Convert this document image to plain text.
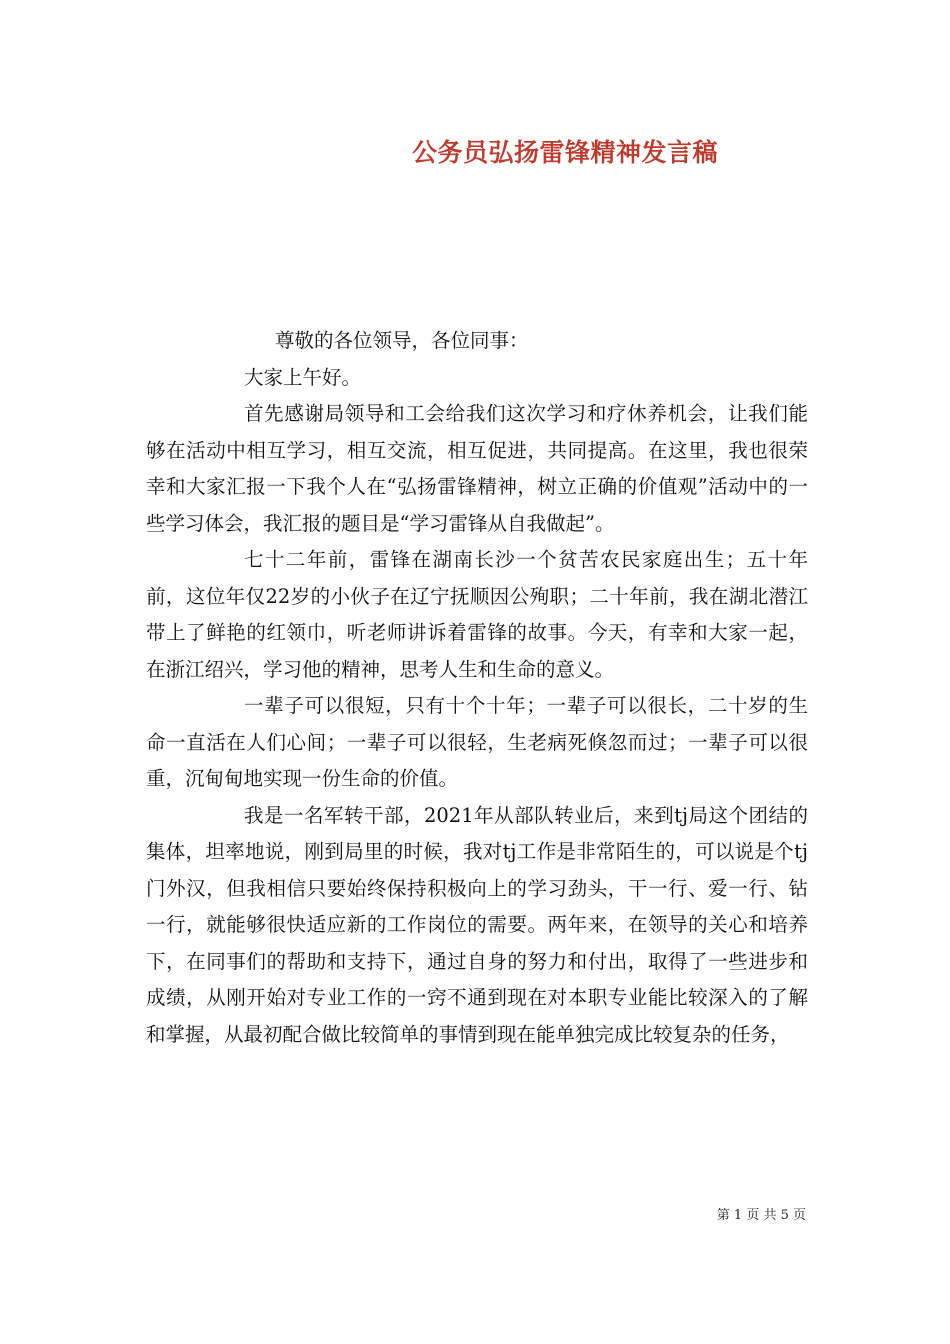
公务员弘扬雷锋精神发言稿

尊敬的各位领导，各位同事：

大家上午好。

首先感谢局领导和工会给我们这次学习和疗休养机会，让我们能够在活动中相互学习，相互交流，相互促进，共同提高。在这里，我也很荣幸和大家汇报一下我个人在“弘扬雷锋精神，树立正确的价值观”活动中的一些学习体会，我汇报的题目是“学习雷锋从自我做起”。

七十二年前，雷锋在湖南长沙一个贫苦农民家庭出生；五十年前，这位年仅22岁的小伙子在辽宁抚顺因公殉职；二十年前，我在湖北潜江带上了鲜艳的红领巾，听老师讲诉着雷锋的故事。今天，有幸和大家一起，在浙江绍兴，学习他的精神，思考人生和生命的意义。

一辈子可以很短，只有十个十年；一辈子可以很长，二十岁的生命一直活在人们心间；一辈子可以很轻，生老病死倏忽而过；一辈子可以很重，沉甸甸地实现一份生命的价值。

我是一名军转干部，2021年从部队转业后，来到tj局这个团结的集体，坦率地说，刚到局里的时候，我对tj工作是非常陌生的，可以说是个tj门外汉，但我相信只要始终保持积极向上的学习劲头，干一行、爱一行、钻一行，就能够很快适应新的工作岗位的需要。两年来，在领导的关心和培养下，在同事们的帮助和支持下，通过自身的努力和付出，取得了一些进步和成绩，从刚开始对专业工作的一窍不通到现在对本职专业能比较深入的了解和掌握，从最初配合做比较简单的事情到现在能单独完成比较复杂的任务，

第 1 页 共 5 页
